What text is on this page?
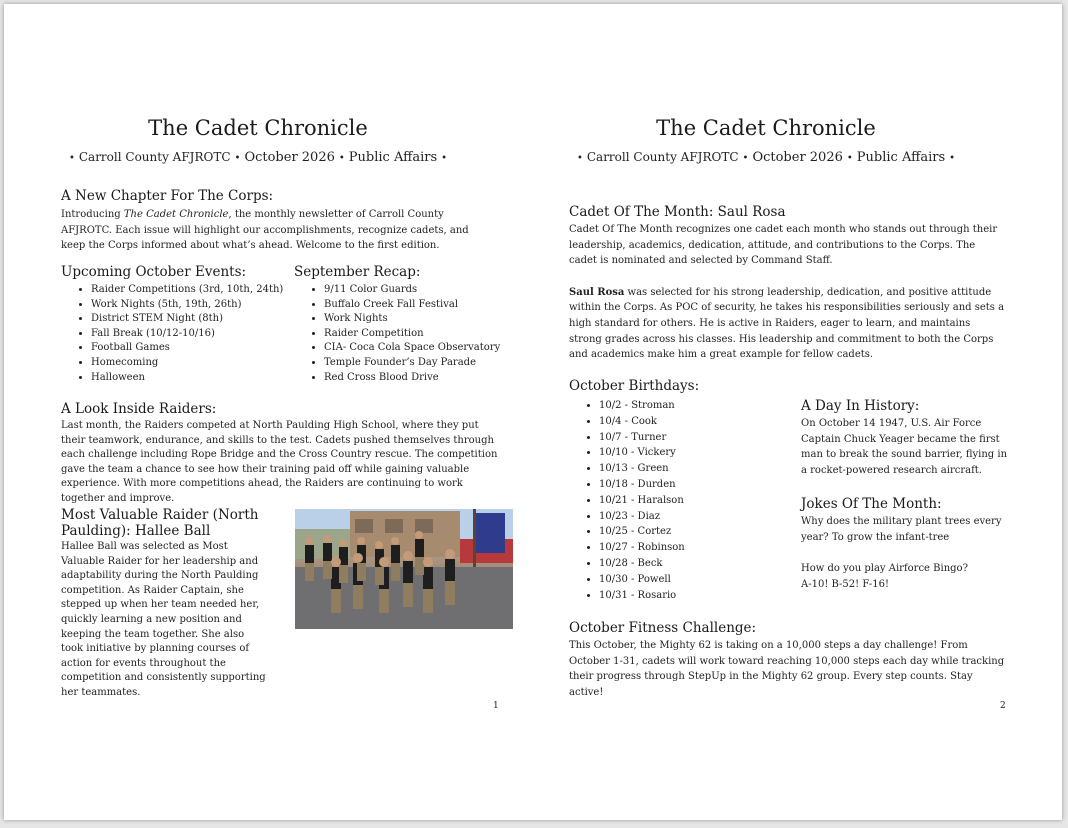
The Cadet Chronicle
• Carroll County AFJROTC • October 2026 • Public Affairs •
A New Chapter For The Corps:

Introducing The Cadet Chronicle, the monthly newsletter of Carroll County AFJROTC. Each issue will highlight our accomplishments, recognize cadets, and keep the Corps informed about what’s ahead. Welcome to the first edition.

Upcoming October Events:
• Raider Competitions (3rd, 10th, 24th)
• Work Nights (5th, 19th, 26th)
• District STEM Night (8th)
• Fall Break (10/12-10/16)
• Football Games
• Homecoming
• Halloween
September Recap:
• 9/11 Color Guards
• Buffalo Creek Fall Festival
• Work Nights
• Raider Competition
• CIA- Coca Cola Space Observatory
• Temple Founder’s Day Parade
• Red Cross Blood Drive
A Look Inside Raiders:

Last month, the Raiders competed at North Paulding High School, where they put their teamwork, endurance, and skills to the test. Cadets pushed themselves through each challenge including Rope Bridge and the Cross Country rescue. The competition gave the team a chance to see how their training paid off while gaining valuable experience. With more competitions ahead, the Raiders are continuing to work together and improve.

Most Valuable Raider (North Paulding): Hallee Ball

Hallee Ball was selected as Most Valuable Raider for her leadership and adaptability during the North Paulding competition. As Raider Captain, she stepped up when her team needed her, quickly learning a new position and keeping the team together. She also took initiative by planning courses of action for events throughout the competition and consistently supporting her teammates.

1
The Cadet Chronicle
• Carroll County AFJROTC • October 2026 • Public Affairs •
Cadet Of The Month: Saul Rosa

Cadet Of The Month recognizes one cadet each month who stands out through their leadership, academics, dedication, attitude, and contributions to the Corps. The cadet is nominated and selected by Command Staff.

Saul Rosa was selected for his strong leadership, dedication, and positive attitude within the Corps. As POC of security, he takes his responsibilities seriously and sets a high standard for others. He is active in Raiders, eager to learn, and maintains strong grades across his classes. His leadership and commitment to both the Corps and academics make him a great example for fellow cadets.

October Birthdays:
• 10/2 - Stroman
• 10/4 - Cook
• 10/7 - Turner
• 10/10 - Vickery
• 10/13 - Green
• 10/18 - Durden
• 10/21 - Haralson
• 10/23 - Diaz
• 10/25 - Cortez
• 10/27 - Robinson
• 10/28 - Beck
• 10/30 - Powell
• 10/31 - Rosario
A Day In History:

On October 14 1947, U.S. Air Force Captain Chuck Yeager became the first man to break the sound barrier, flying in a rocket-powered research aircraft.

Jokes Of The Month:

Why does the military plant trees every year? To grow the infant-tree

How do you play Airforce Bingo?

A-10! B-52! F-16!

October Fitness Challenge:

This October, the Mighty 62 is taking on a 10,000 steps a day challenge! From October 1-31, cadets will work toward reaching 10,000 steps each day while tracking their progress through StepUp in the Mighty 62 group. Every step counts. Stay active!

2
